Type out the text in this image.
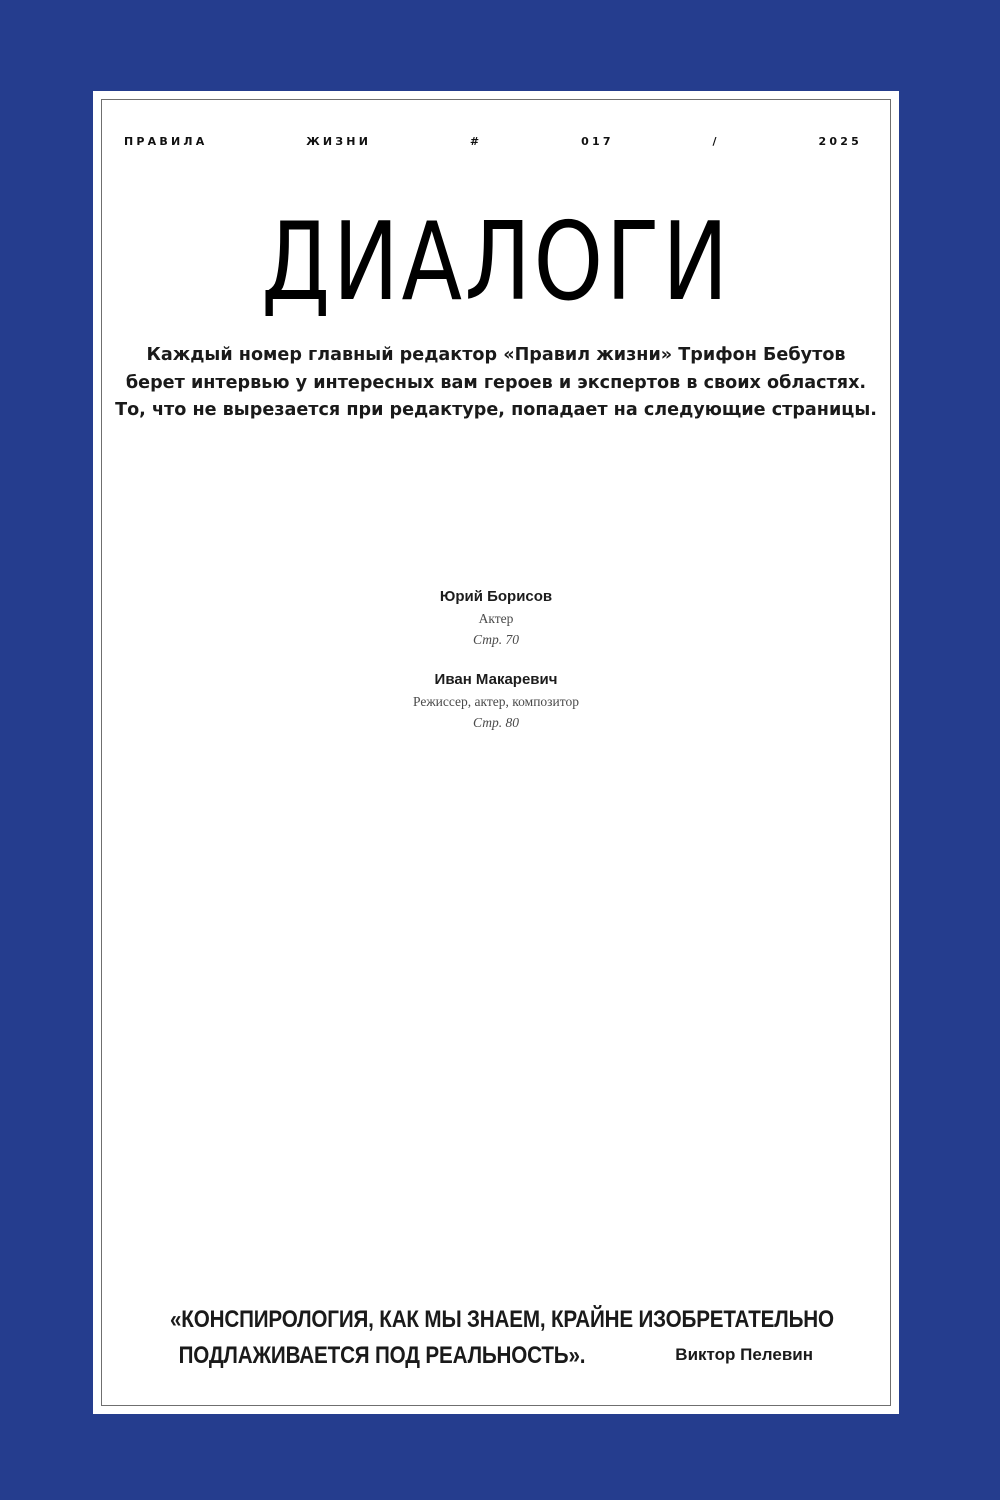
ПРАВИЛА	ЖИЗНИ	#	017	/	2025
ДИАЛОГИ
Каждый номер главный редактор «Правил жизни» Трифон Бебутов
берет интервью у интересных вам героев и экспертов в своих областях.
То, что не вырезается при редактуре, попадает на следующие страницы.
Юрий Борисов
Актер
Стр. 70
Иван Макаревич
Режиссер, актер, композитор
Стр. 80
«КОНСПИРОЛОГИЯ, КАК МЫ ЗНАЕМ, КРАЙНЕ ИЗОБРЕТАТЕЛЬНО
ПОДЛАЖИВАЕТСЯ ПОД РЕАЛЬНОСТЬ».	Виктор Пелевин
